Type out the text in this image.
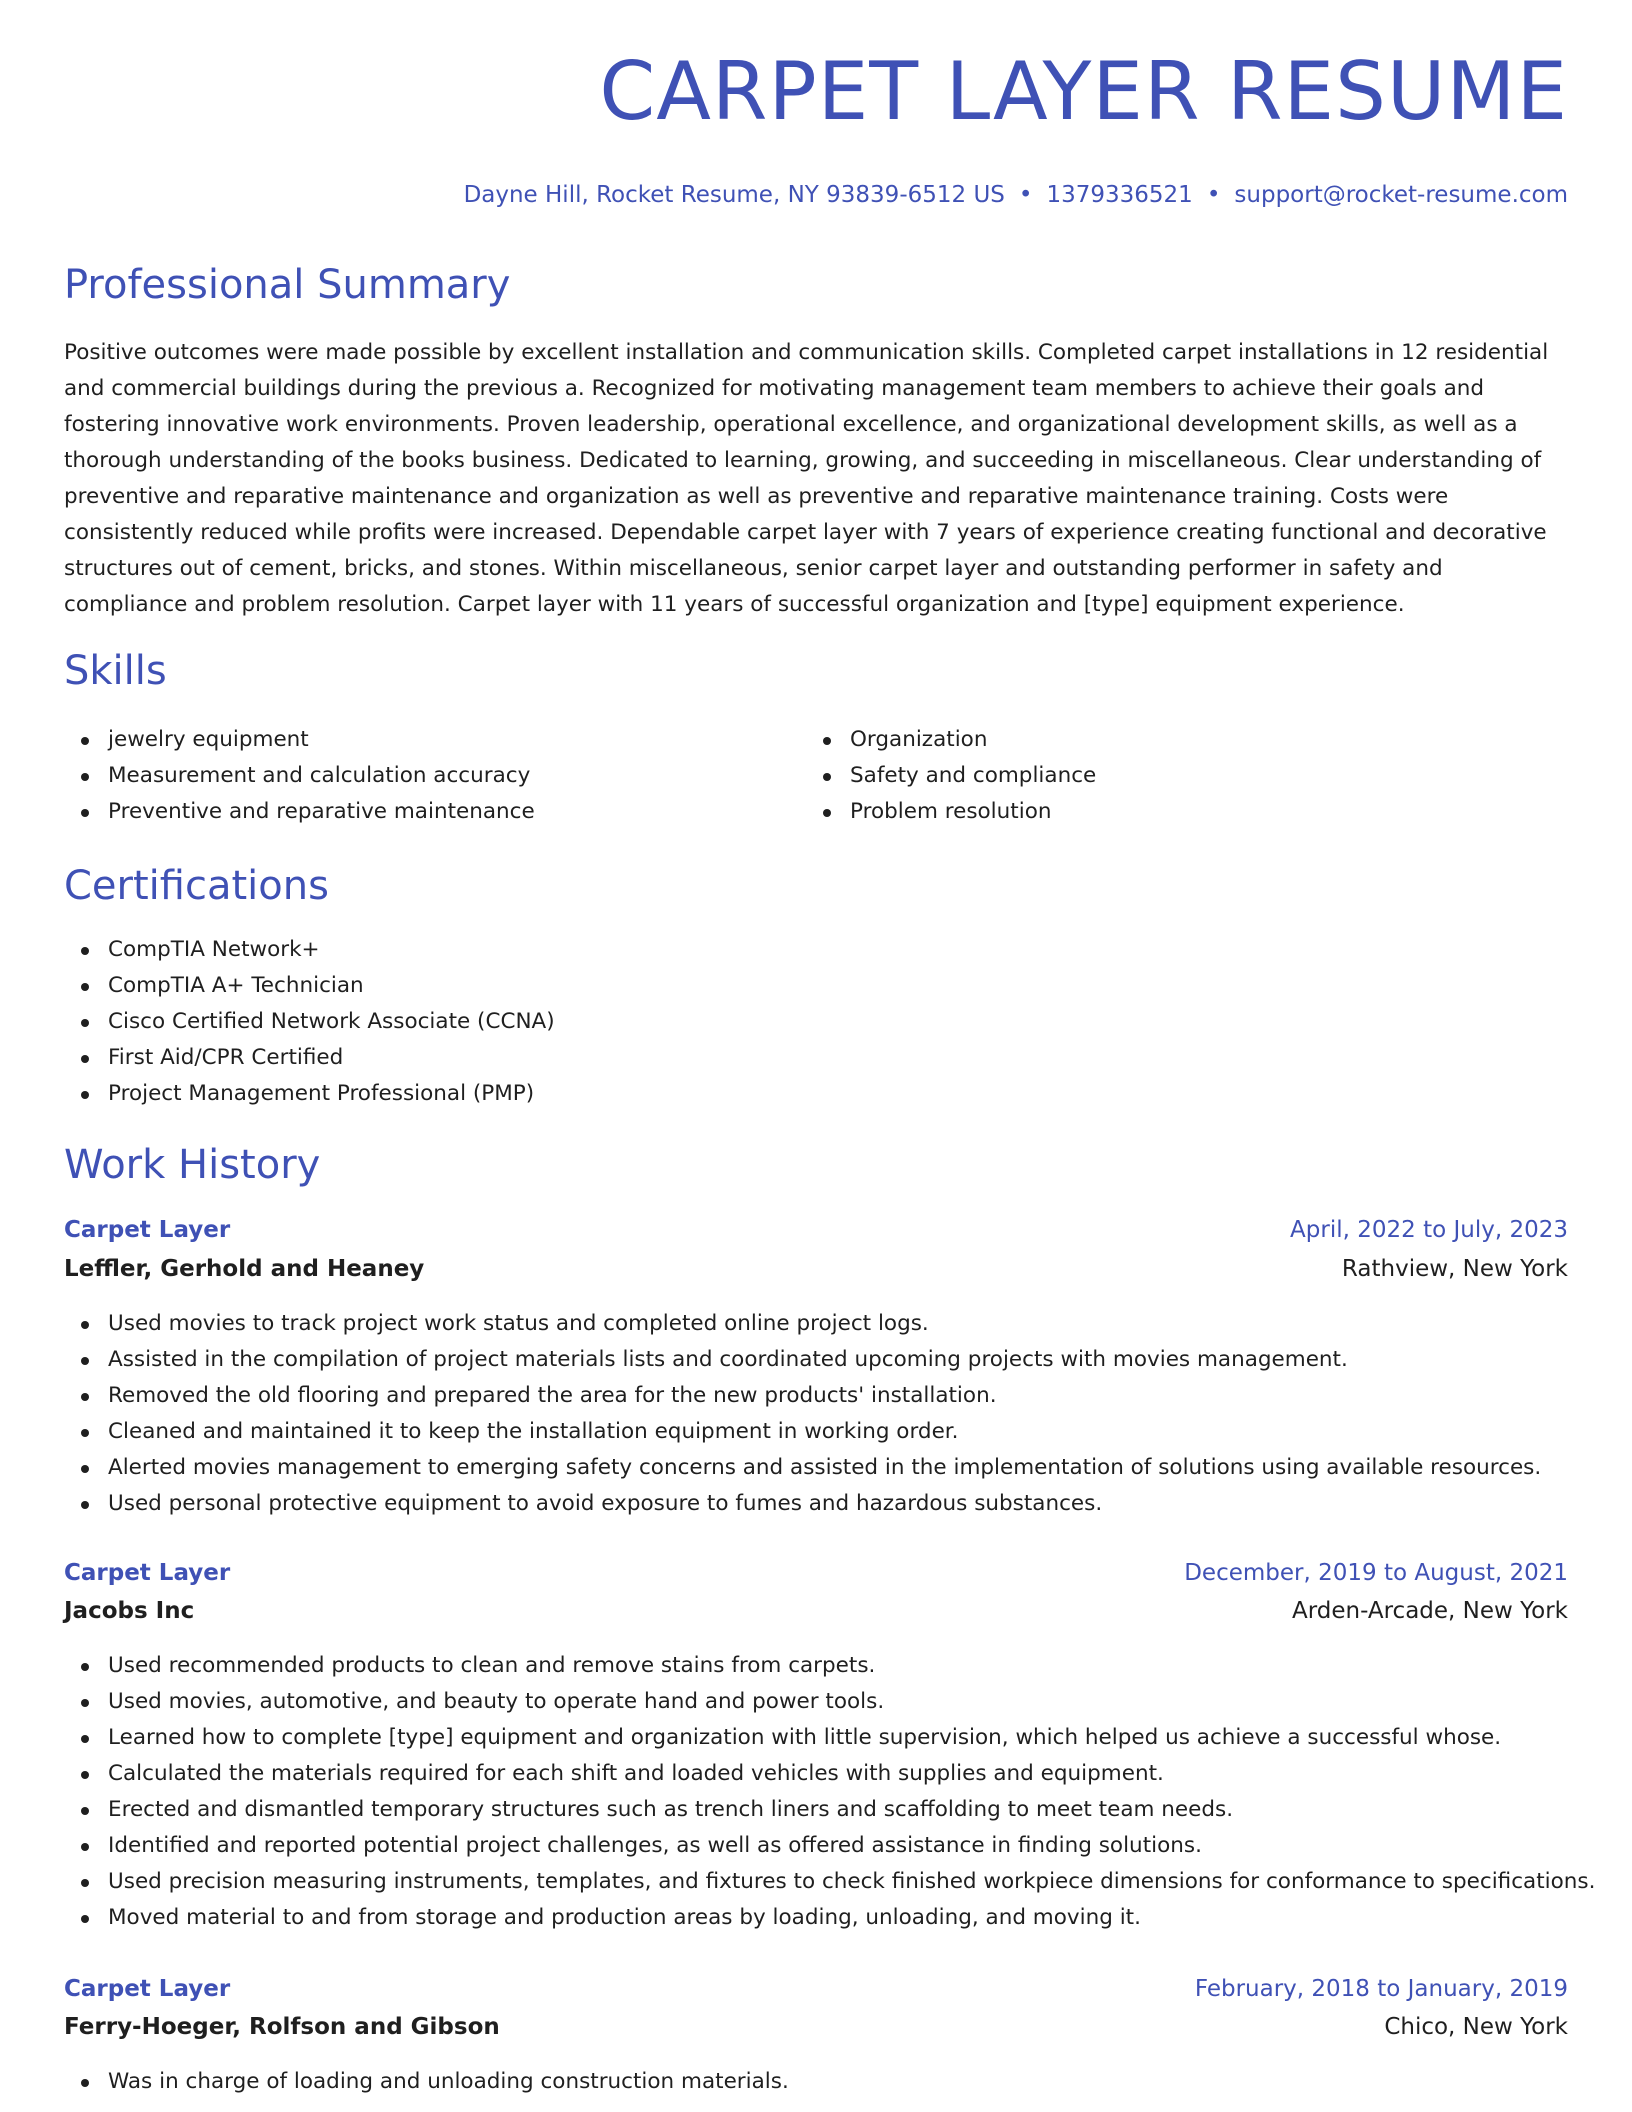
CARPET LAYER RESUME
Dayne Hill, Rocket Resume, NY 93839-6512 US • 1379336521 • support@rocket-resume.com
Professional Summary

Positive outcomes were made possible by excellent installation and communication skills. Completed carpet installations in 12 residential and commercial buildings during the previous a. Recognized for motivating management team members to achieve their goals and fostering innovative work environments. Proven leadership, operational excellence, and organizational development skills, as well as a thorough understanding of the books business. Dedicated to learning, growing, and succeeding in miscellaneous. Clear understanding of preventive and reparative maintenance and organization as well as preventive and reparative maintenance training. Costs were consistently reduced while profits were increased. Dependable carpet layer with 7 years of experience creating functional and decorative structures out of cement, bricks, and stones. Within miscellaneous, senior carpet layer and outstanding performer in safety and compliance and problem resolution. Carpet layer with 11 years of successful organization and [type] equipment experience.

Skills
jewelry equipment
Measurement and calculation accuracy
Preventive and reparative maintenance
Organization
Safety and compliance
Problem resolution
Certifications
CompTIA Network+
CompTIA A+ Technician
Cisco Certified Network Associate (CCNA)
First Aid/CPR Certified
Project Management Professional (PMP)
Work History
Carpet Layer	April, 2022 to July, 2023
Leffler, Gerhold and Heaney	Rathview, New York
Used movies to track project work status and completed online project logs.
Assisted in the compilation of project materials lists and coordinated upcoming projects with movies management.
Removed the old flooring and prepared the area for the new products' installation.
Cleaned and maintained it to keep the installation equipment in working order.
Alerted movies management to emerging safety concerns and assisted in the implementation of solutions using available resources.
Used personal protective equipment to avoid exposure to fumes and hazardous substances.
Carpet Layer	December, 2019 to August, 2021
Jacobs Inc	Arden-Arcade, New York
Used recommended products to clean and remove stains from carpets.
Used movies, automotive, and beauty to operate hand and power tools.
Learned how to complete [type] equipment and organization with little supervision, which helped us achieve a successful whose.
Calculated the materials required for each shift and loaded vehicles with supplies and equipment.
Erected and dismantled temporary structures such as trench liners and scaffolding to meet team needs.
Identified and reported potential project challenges, as well as offered assistance in finding solutions.
Used precision measuring instruments, templates, and fixtures to check finished workpiece dimensions for conformance to specifications.
Moved material to and from storage and production areas by loading, unloading, and moving it.
Carpet Layer	February, 2018 to January, 2019
Ferry-Hoeger, Rolfson and Gibson	Chico, New York
Was in charge of loading and unloading construction materials.
